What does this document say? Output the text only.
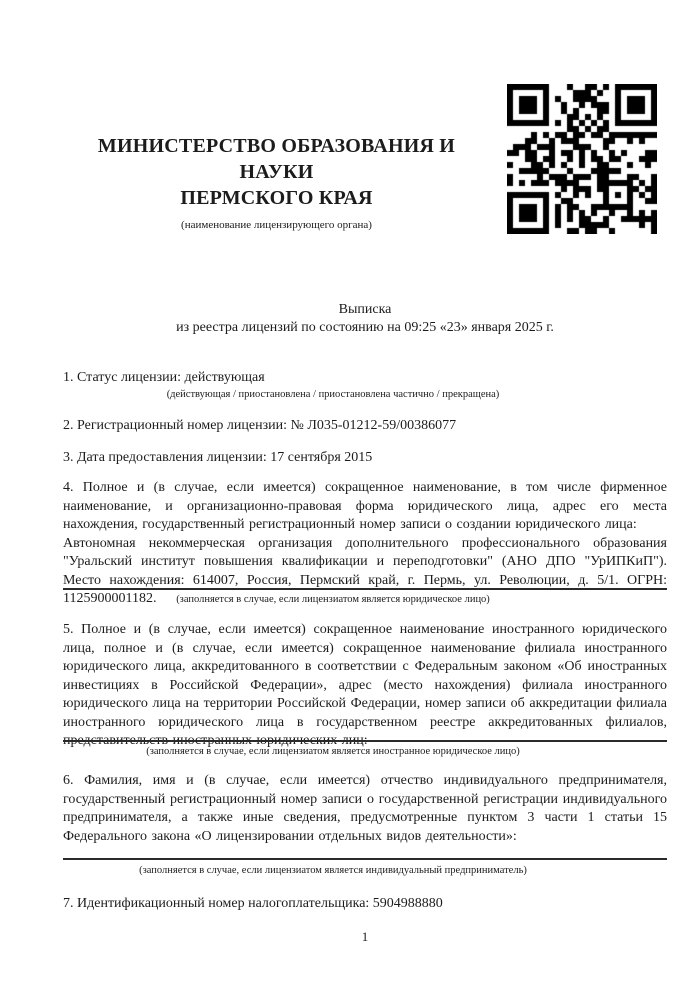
МИНИСТЕРСТВО ОБРАЗОВАНИЯ И НАУКИ
ПЕРМСКОГО КРАЯ
(наименование лицензирующего органа)
Выписка
из реестра лицензий по состоянию на 09:25 «23» января 2025 г.
1. Статус лицензии: действующая
(действующая / приостановлена / приостановлена частично / прекращена)
2. Регистрационный номер лицензии: № Л035-01212-59/00386077
3. Дата предоставления лицензии: 17 сентября 2015
4. Полное и (в случае, если имеется) сокращенное наименование, в том числе фирменное наименование, и организационно-правовая форма юридического лица, адрес его места нахождения, государственный регистрационный номер записи о создании юридического лица:
Автономная некоммерческая организация дополнительного профессионального образования "Уральский институт повышения квалификации и переподготовки" (АНО ДПО "УрИПКиП"). Место нахождения: 614007, Россия, Пермский край, г. Пермь, ул. Революции, д. 5/1. ОГРН: 1125900001182.	(заполняется в случае, если лицензиатом является юридическое лицо)
5. Полное и (в случае, если имеется) сокращенное наименование иностранного юридического лица, полное и (в случае, если имеется) сокращенное наименование филиала иностранного юридического лица, аккредитованного в соответствии с Федеральным законом «Об иностранных инвестициях в Российской Федерации», адрес (место нахождения) филиала иностранного юридического лица на территории Российской Федерации, номер записи об аккредитации филиала иностранного юридического лица в государственном реестре аккредитованных филиалов, представительств иностранных юридических лиц:
(заполняется в случае, если лицензиатом является иностранное юридическое лицо)
6. Фамилия, имя и (в случае, если имеется) отчество индивидуального предпринимателя, государственный регистрационный номер записи о государственной регистрации индивидуального предпринимателя, а также иные сведения, предусмотренные пунктом 3 части 1 статьи 15 Федерального закона «О лицензировании отдельных видов деятельности»:
(заполняется в случае, если лицензиатом является индивидуальный предприниматель)
7. Идентификационный номер налогоплательщика: 5904988880
1
